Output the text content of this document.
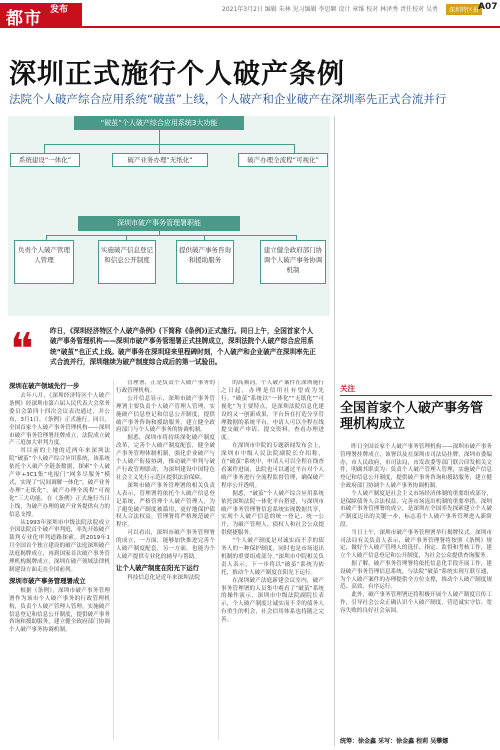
都市 发布	2021年3月2日 编辑 朱林 见习编辑 李思颖 设计 章维 校对 林泽秀 责任校对 吴勇	深圳特区报
A07
深圳正式施行个人破产条例
法院个人破产综合应用系统“破茧”上线，个人破产和企业破产在深圳率先正式合流并行
“破茧”个人破产综合应用系统3大功能
系统建设“一体化”	破产业务办理“无纸化”	破产办理全流程“可视化”
深圳市破产事务管理署职能
负责个人破产管理人管理
实施破产信息登记和信息公开制度
提供破产事务咨询和援助服务
建立健全政府部门协调个人破产事务协调机制
❝ 昨日，《深圳经济特区个人破产条例》(下简称《条例》)正式施行。同日上午，全国首家个人破产事务管理机构——深圳市破产事务管理署正式挂牌成立，深圳法院个人破产综合应用系统“破茧”也正式上线。破产事务在深圳迎来里程碑时刻，个人破产和企业破产在深圳率先正式合流并行，深圳继续为破产制度综合成后的第一试验田。
深圳在破产领域先行一步

去年八月，《深圳经济特区个人破产条例》经深圳市第六届人民代表大会常务委员会第四十四次会议表决通过，并公布，3月1日，《条例》正式施行。同日，全国首家个人破产事务管理机构——深圳市破产事务管理署挂牌成立，法院成立破产三庭加大审判力度。

其目前的土地的近两年来深圳法院“破茧”个人破产综合应用系统，该系统依托个人破产全链条数据，探索“个人破产审+3C1集”电报门“网多尽服务”模式，实现了“民间调解一体化”，破产业务办理“无纸化”，破产办理全流程“可视化”三大功能，在《条例》正式施行当日上线，为破产办理的破产业务提供有力的信息支撑。

从1993年深圳市中级法院法院成立全国法院首个破产审判庭，率先开始破产裁判专业化审判道路探索，到2019年1月全国首个独立建设的破产法庭深圳破产法庭揭牌成立，再到国家首次破产事务管理机构揭牌成立，深圳在破产领域法律机制建设方面走在全国前列。

深圳市破产事务管理署成立

根据《条例》，深圳市破产事务管理署作为该市个人破产事务的行政管理机构，负责个人破产管理人管理，实施破产信息登记和信息公开制度，提供破产事务咨询和援助服务，建立健全政府部门协调个人破产事务协调机制。

管理署，正是负责个人破产事务的行政管理机构。

公开信息显示，深圳市破产事务管理署主要负责个人破产管理人管理，实施破产信息登记和信息公开制度，提供破产事务咨询和援助服务，建立健全政府部门与个人破产事务的协调机制。

据悉，深圳市将持续深化破产制度改革，完善个人破产制度配套，健全破产事务管理体制机制，强化企业破产与个人破产衔接协调，推动破产审判与破产行政管理联动，为深圳建设中国特色社会主义先行示范区提供法治保障。

深圳市破产事务管理署的相关负责人表示，管理署将依托个人破产信息登记系统，严格管理个人破产管理人，为了避免破产制度被滥用，更好地保护债权人合法权益，管理署将严格规范破产程序。

可以看出，深圳市破产事务管理署的成立，一方面，能够加快推进完善个人破产制度配套，另一方面，也能为个人破产提供专业化的辅导与帮助。

让个人破产制度在阳光下运行

科技信息化是近年来深圳法院

的高频词。个人破产案件在深圳施行之日起，办理是信用社有望成为先行。“破茧”系统以“一体化”“无纸化”“可视化”为主要特点，是深圳法院信息化建设的又一创新成果，平台旨在打造分享管理数据的系统平台，申请人可以全程在线提交破产申请、提交资料，查看办理进度。

在深圳市中院的专题新闻发布会上，深圳市中级人民法院副院长介绍称，在“破茧”系统中，申请人可以全程在线查看案件进展，法院也可以通过平台对个人破产事务进行全流程监督管理，确保破产程序公开透明。

据悉，“破茧”个人破产综合应用系统依托深圳法院一体化平台搭建，与深圳市破产事务管理署信息系统实现数据共享，实现个人破产信息的统一登记、统一公开，为破产管理人、债权人和社会公众提供便捷服务。

“个人破产制度是对诚实而不幸的债务人的一种保护制度，同时也是市场退出机制的重要组成部分。”深圳市中院相关负责人表示，下一步将以“破茧”系统为依托，推动个人破产制度在阳光下运行。

在深圳破产法庭新建会议室内，破产事务管理署的人员集中观看了“破茧”系统的操作演示，深圳市中级法院副院长表示，个人破产制度让诚实而不幸的债务人有重生的机会，社会信用体系也将随之完善。

关注
全国首家个人破产事务管理机构成立

昨日全国首家个人破产事务管理机构——深圳市破产事务管理署挂牌成立，该署以及在深圳市司法局挂牌，深圳市委编办，市人民政府，市司法局，市发改委等部门联合印发相关文件，明确其职责为：负责个人破产管理人管理，实施破产信息登记和信息公开制度，提供破产事务咨询和援助服务，建立健全政府部门协调个人破产事务协调机制。

个人破产制度是社会主义市场经济体制的重要组成部分，是保障债务人合法权益、完善市场退出机制的重要举措。深圳市破产事务管理署的成立，是深圳在全国率先探索建立个人破产制度迈出的关键一步，标志着个人破产事务管理进入新阶段。

当日上午，深圳市破产事务管理署举行揭牌仪式。深圳市司法局有关负责人表示，破产事务管理署将按照《条例》规定，做好个人破产管理人的选任、指定、监督和考核工作，建立个人破产信息登记和公开制度，为社会公众提供查询服务。

据了解，破产事务管理署将依托信息化手段开展工作，建设破产事务管理信息系统，与法院“破茧”系统实现互联互通，为个人破产案件的办理提供全方位支撑，推动个人破产制度规范、高效、有序运行。

此外，破产事务管理署还将积极开展个人破产制度宣传工作，引导社会公众正确认识个人破产制度，营造诚实守信、宽容失败的良好社会氛围。

统筹：徐金鑫 采写：徐金鑫 程莉 吴攀娜
